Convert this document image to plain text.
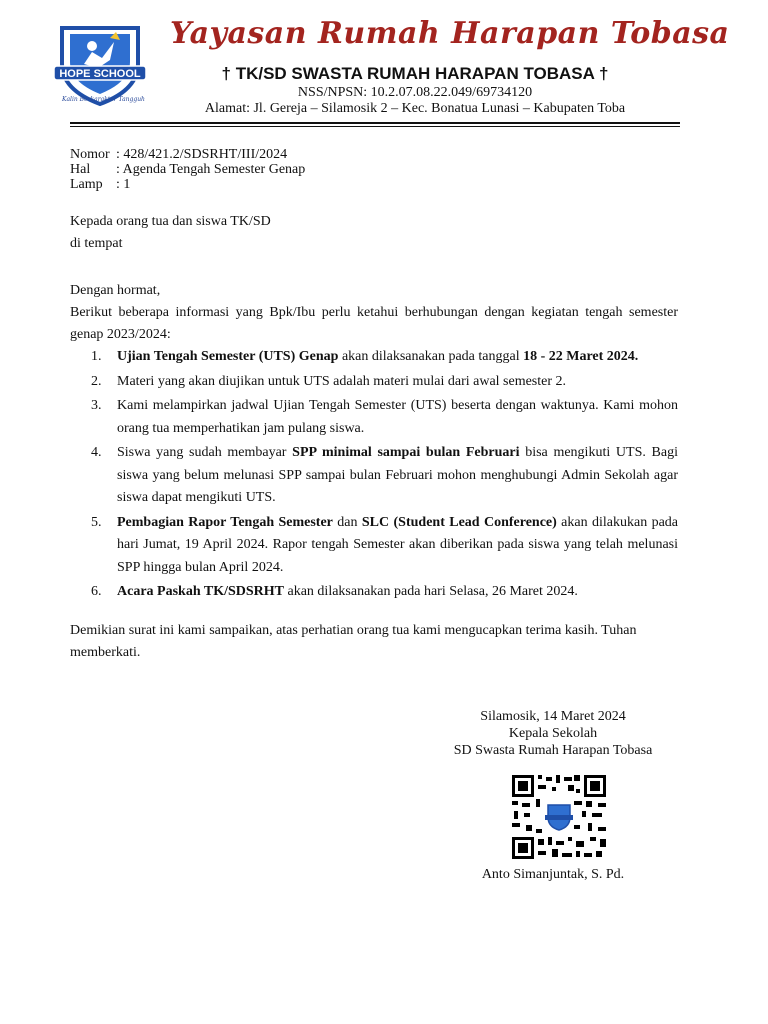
HOPE SCHOOL
Kalin Berkarakter Tangguh
Yayasan Rumah Harapan Tobasa
† TK/SD SWASTA RUMAH HARAPAN TOBASA †
NSS/NPSN: 10.2.07.08.22.049/69734120
Alamat: Jl. Gereja – Silamosik 2 – Kec. Bonatua Lunasi – Kabupaten Toba
Nomor : 428/421.2/SDSRHT/III/2024
Hal	: Agenda Tengah Semester Genap
Lamp : 1
Kepada orang tua dan siswa TK/SD
di tempat
Dengan hormat,
Berikut beberapa informasi yang Bpk/Ibu perlu ketahui berhubungan dengan kegiatan tengah semester genap 2023/2024:
1.	Ujian Tengah Semester (UTS) Genap akan dilaksanakan pada tanggal 18 - 22 Maret 2024.
2.	Materi yang akan diujikan untuk UTS adalah materi mulai dari awal semester 2.
3.	Kami melampirkan jadwal Ujian Tengah Semester (UTS) beserta dengan waktunya. Kami mohon orang tua memperhatikan jam pulang siswa.
4.	Siswa yang sudah membayar SPP minimal sampai bulan Februari bisa mengikuti UTS. Bagi siswa yang belum melunasi SPP sampai bulan Februari mohon menghubungi Admin Sekolah agar siswa dapat mengikuti UTS.
5.	Pembagian Rapor Tengah Semester dan SLC (Student Lead Conference) akan dilakukan pada hari Jumat, 19 April 2024. Rapor tengah Semester akan diberikan pada siswa yang telah melunasi SPP hingga bulan April 2024.
6.	Acara Paskah TK/SDSRHT akan dilaksanakan pada hari Selasa, 26 Maret 2024.
Demikian surat ini kami sampaikan, atas perhatian orang tua kami mengucapkan terima kasih. Tuhan memberkati.
Silamosik, 14 Maret 2024
Kepala Sekolah
SD Swasta Rumah Harapan Tobasa
Anto Simanjuntak, S. Pd.
